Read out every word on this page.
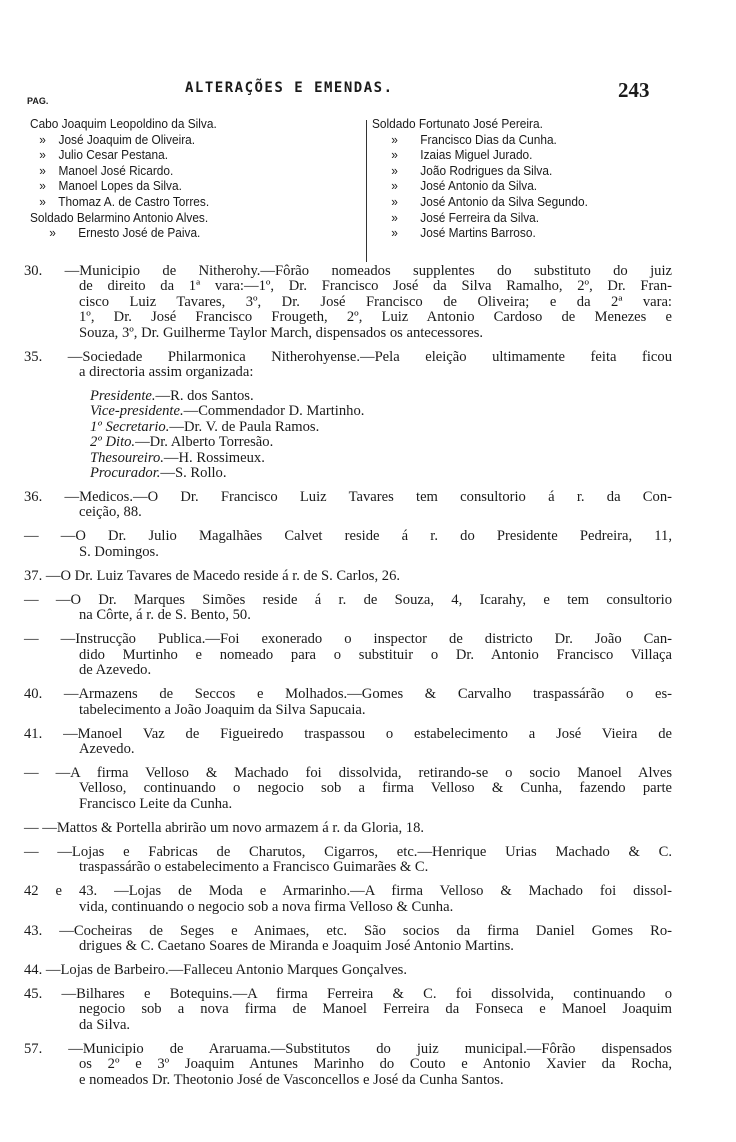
ALTERAÇÕES E EMENDAS.	243
PAG.
Cabo Joaquim Leopoldino da Silva.
» José Joaquim de Oliveira.
» Julio Cesar Pestana.
» Manoel José Ricardo.
» Manoel Lopes da Silva.
» Thomaz A. de Castro Torres.
Soldado Belarmino Antonio Alves.
» Ernesto José de Paiva.
Soldado Fortunato José Pereira.
» Francisco Dias da Cunha.
» Izaias Miguel Jurado.
» João Rodrigues da Silva.
» José Antonio da Silva.
» José Antonio da Silva Segundo.
» José Ferreira da Silva.
» José Martins Barroso.
30. —Municipio de Nitherohy.—Fôrão nomeados supplentes do substituto do juiz
de direito da 1ª vara:—1º, Dr. Francisco José da Silva Ramalho, 2º, Dr. Fran-
cisco Luiz Tavares, 3º, Dr. José Francisco de Oliveira; e da 2ª vara:
1º, Dr. José Francisco Frougeth, 2º, Luiz Antonio Cardoso de Menezes e
Souza, 3º, Dr. Guilherme Taylor March, dispensados os antecessores.
35. —Sociedade Philarmonica Nitherohyense.—Pela eleição ultimamente feita ficou
a directoria assim organizada:
Presidente.—R. dos Santos.
Vice-presidente.—Commendador D. Martinho.
1º Secretario.—Dr. V. de Paula Ramos.
2º Dito.—Dr. Alberto Torresão.
Thesoureiro.—H. Rossimeux.
Procurador.—S. Rollo.
36. —Medicos.—O Dr. Francisco Luiz Tavares tem consultorio á r. da Con-
ceição, 88.
— —O Dr. Julio Magalhães Calvet reside á r. do Presidente Pedreira, 11,
S. Domingos.
37. —O Dr. Luiz Tavares de Macedo reside á r. de S. Carlos, 26.
— —O Dr. Marques Simões reside á r. de Souza, 4, Icarahy, e tem consultorio
na Côrte, á r. de S. Bento, 50.
— —Instrucção Publica.—Foi exonerado o inspector de districto Dr. João Can-
dido Murtinho e nomeado para o substituir o Dr. Antonio Francisco Villaça
de Azevedo.
40. —Armazens de Seccos e Molhados.—Gomes & Carvalho traspassárão o es-
tabelecimento a João Joaquim da Silva Sapucaia.
41. —Manoel Vaz de Figueiredo traspassou o estabelecimento a José Vieira de
Azevedo.
— —A firma Velloso & Machado foi dissolvida, retirando-se o socio Manoel Alves
Velloso, continuando o negocio sob a firma Velloso & Cunha, fazendo parte
Francisco Leite da Cunha.
— —Mattos & Portella abrirão um novo armazem á r. da Gloria, 18.
— —Lojas e Fabricas de Charutos, Cigarros, etc.—Henrique Urias Machado & C.
traspassárão o estabelecimento a Francisco Guimarães & C.
42 e 43. —Lojas de Moda e Armarinho.—A firma Velloso & Machado foi dissol-
vida, continuando o negocio sob a nova firma Velloso & Cunha.
43. —Cocheiras de Seges e Animaes, etc. São socios da firma Daniel Gomes Ro-
drigues & C. Caetano Soares de Miranda e Joaquim José Antonio Martins.
44. —Lojas de Barbeiro.—Falleceu Antonio Marques Gonçalves.
45. —Bilhares e Botequins.—A firma Ferreira & C. foi dissolvida, continuando o
negocio sob a nova firma de Manoel Ferreira da Fonseca e Manoel Joaquim
da Silva.
57. —Municipio de Araruama.—Substitutos do juiz municipal.—Fôrão dispensados
os 2º e 3º Joaquim Antunes Marinho do Couto e Antonio Xavier da Rocha,
e nomeados Dr. Theotonio José de Vasconcellos e José da Cunha Santos.
